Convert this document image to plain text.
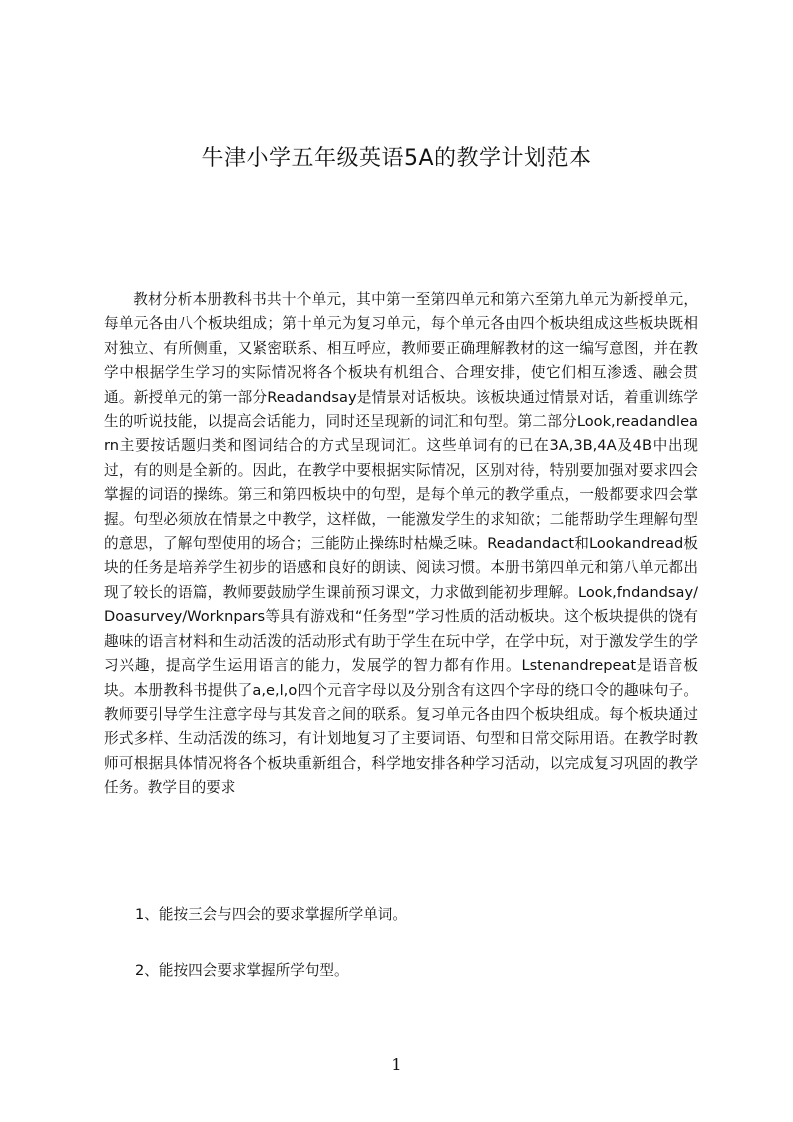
牛津小学五年级英语5A的教学计划范本

教材分析本册教科书共十个单元，其中第一至第四单元和第六至第九单元为新授单元，每单元各由八个板块组成；第十单元为复习单元，每个单元各由四个板块组成这些板块既相对独立、有所侧重，又紧密联系、相互呼应，教师要正确理解教材的这一编写意图，并在教学中根据学生学习的实际情况将各个板块有机组合、合理安排，使它们相互渗透、融会贯通。新授单元的第一部分Readandsay是情景对话板块。该板块通过情景对话，着重训练学生的听说技能，以提高会话能力，同时还呈现新的词汇和句型。第二部分Look,readandlearn主要按话题归类和图词结合的方式呈现词汇。这些单词有的已在3A,3B,4A及4B中出现过，有的则是全新的。因此，在教学中要根据实际情况，区别对待，特别要加强对要求四会掌握的词语的操练。第三和第四板块中的句型，是每个单元的教学重点，一般都要求四会掌握。句型必须放在情景之中教学，这样做，一能激发学生的求知欲；二能帮助学生理解句型的意思，了解句型使用的场合；三能防止操练时枯燥乏味。Readandact和Lookandread板块的任务是培养学生初步的语感和良好的朗读、阅读习惯。本册书第四单元和第八单元都出现了较长的语篇，教师要鼓励学生课前预习课文，力求做到能初步理解。Look,fndandsay/Doasurvey/Worknpars等具有游戏和“任务型”学习性质的活动板块。这个板块提供的饶有趣味的语言材料和生动活泼的活动形式有助于学生在玩中学，在学中玩，对于激发学生的学习兴趣，提高学生运用语言的能力，发展学的智力都有作用。Lstenandrepeat是语音板块。本册教科书提供了a,e,l,o四个元音字母以及分别含有这四个字母的绕口令的趣味句子。教师要引导学生注意字母与其发音之间的联系。复习单元各由四个板块组成。每个板块通过形式多样、生动活泼的练习，有计划地复习了主要词语、句型和日常交际用语。在教学时教师可根据具体情况将各个板块重新组合，科学地安排各种学习活动，以完成复习巩固的教学任务。教学目的要求

1、能按三会与四会的要求掌握所学单词。

2、能按四会要求掌握所学句型。

1
